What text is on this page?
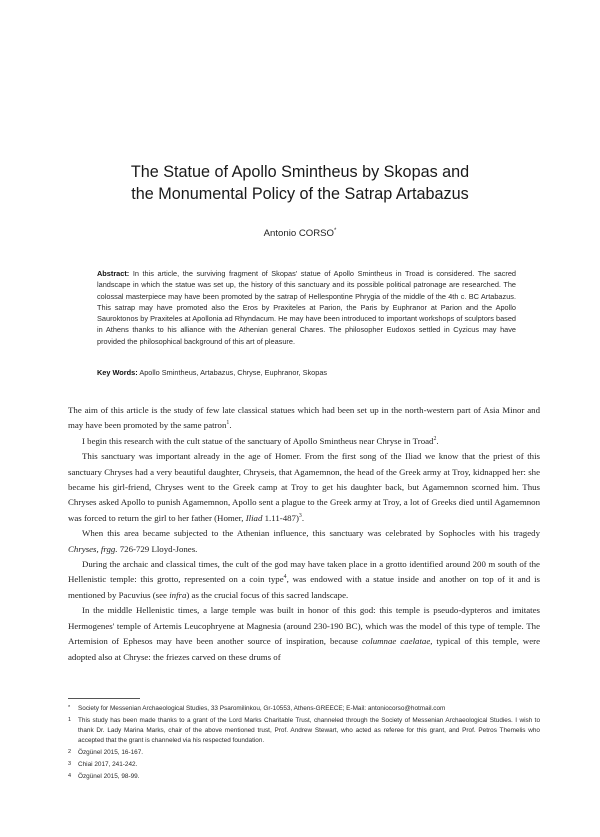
The Statue of Apollo Smintheus by Skopas and
the Monumental Policy of the Satrap Artabazus
Antonio CORSO*
Abstract: In this article, the surviving fragment of Skopas' statue of Apollo Smintheus in Troad is considered. The sacred landscape in which the statue was set up, the history of this sanctuary and its possible political patronage are researched. The colossal masterpiece may have been promoted by the satrap of Hellespontine Phrygia of the middle of the 4th c. BC Artabazus. This satrap may have promoted also the Eros by Praxiteles at Parion, the Paris by Euphranor at Parion and the Apollo Sauroktonos by Praxiteles at Apollonia ad Rhyndacum. He may have been introduced to important workshops of sculptors based in Athens thanks to his alliance with the Athenian general Chares. The philosopher Eudoxos settled in Cyzicus may have provided the philosophical background of this art of pleasure.
Key Words: Apollo Smintheus, Artabazus, Chryse, Euphranor, Skopas

The aim of this article is the study of few late classical statues which had been set up in the north-western part of Asia Minor and may have been promoted by the same patron$^1$.

I begin this research with the cult statue of the sanctuary of Apollo Smintheus near Chryse in Troad$^2$.

This sanctuary was important already in the age of Homer. From the first song of the Iliad we know that the priest of this sanctuary Chryses had a very beautiful daughter, Chryseis, that Agamemnon, the head of the Greek army at Troy, kidnapped her: she became his girl-friend, Chryses went to the Greek camp at Troy to get his daughter back, but Agamemnon scorned him. Thus Chryses asked Apollo to punish Agamemnon, Apollo sent a plague to the Greek army at Troy, a lot of Greeks died until Agamemnon was forced to return the girl to her father (Homer, Iliad 1.11-487)$^3$.

When this area became subjected to the Athenian influence, this sanctuary was celebrated by Sophocles with his tragedy Chryses, frgg. 726-729 Lloyd-Jones.

During the archaic and classical times, the cult of the god may have taken place in a grotto identified around 200 m south of the Hellenistic temple: this grotto, represented on a coin type$^4$, was endowed with a statue inside and another on top of it and is mentioned by Pacuvius (see infra) as the crucial focus of this sacred landscape.

In the middle Hellenistic times, a large temple was built in honor of this god: this temple is pseudo-dypteros and imitates Hermogenes' temple of Artemis Leucophryene at Magnesia (around 230-190 BC), which was the model of this type of temple. The Artemision of Ephesos may have been another source of inspiration, because columnae caelatae, typical of this temple, were adopted also at Chryse: the friezes carved on these drums of

*	Society for Messenian Archaeological Studies, 33 Psaromilinkou, Gr-10553, Athens-GREECE; E-Mail: antoniocorso@hotmail.com
1	This study has been made thanks to a grant of the Lord Marks Charitable Trust, channeled through the Society of Messenian Archaeological Studies. I wish to thank Dr. Lady Marina Marks, chair of the above mentioned trust, Prof. Andrew Stewart, who acted as referee for this grant, and Prof. Petros Themelis who accepted that the grant is channeled via his respected foundation.
2	Özgünel 2015, 16-167.
3	Chiai 2017, 241-242.
4	Özgünel 2015, 98-99.
